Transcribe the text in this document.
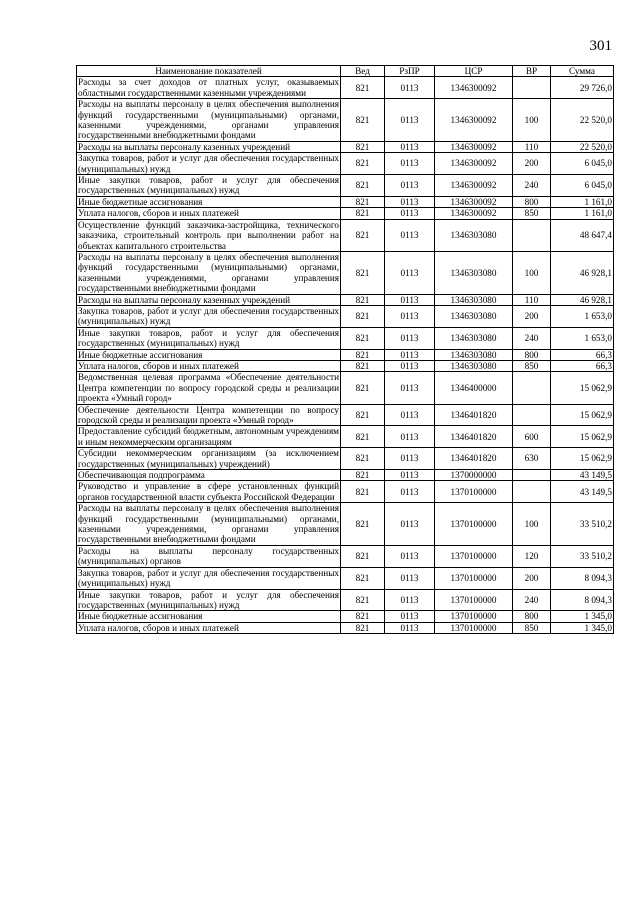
301
Наименование показателей	Вед	РзПР	ЦСР	ВР	Сумма
Расходы за счет доходов от платных услуг, оказываемых областными государственными казенными учреждениями	821	0113	1346300092		29 726,0
Расходы на выплаты персоналу в целях обеспечения выполнения функций государственными (муниципальными) органами, казенными учреждениями, органами управления государственными внебюджетными фондами	821	0113	1346300092	100	22 520,0
Расходы на выплаты персоналу казенных учреждений	821	0113	1346300092	110	22 520,0
Закупка товаров, работ и услуг для обеспечения государственных (муниципальных) нужд	821	0113	1346300092	200	6 045,0
Иные закупки товаров, работ и услуг для обеспечения государственных (муниципальных) нужд	821	0113	1346300092	240	6 045,0
Иные бюджетные ассигнования	821	0113	1346300092	800	1 161,0
Уплата налогов, сборов и иных платежей	821	0113	1346300092	850	1 161,0
Осуществление функций заказчика-застройщика, технического заказчика, строительный контроль при выполнении работ на объектах капитального строительства	821	0113	1346303080		48 647,4
Расходы на выплаты персоналу в целях обеспечения выполнения функций государственными (муниципальными) органами, казенными учреждениями, органами управления государственными внебюджетными фондами	821	0113	1346303080	100	46 928,1
Расходы на выплаты персоналу казенных учреждений	821	0113	1346303080	110	46 928,1
Закупка товаров, работ и услуг для обеспечения государственных (муниципальных) нужд	821	0113	1346303080	200	1 653,0
Иные закупки товаров, работ и услуг для обеспечения государственных (муниципальных) нужд	821	0113	1346303080	240	1 653,0
Иные бюджетные ассигнования	821	0113	1346303080	800	66,3
Уплата налогов, сборов и иных платежей	821	0113	1346303080	850	66,3
Ведомственная целевая программа «Обеспечение деятельности Центра компетенции по вопросу городской среды и реализации проекта «Умный город»	821	0113	1346400000		15 062,9
Обеспечение деятельности Центра компетенции по вопросу городской среды и реализации проекта «Умный город»	821	0113	1346401820		15 062,9
Предоставление субсидий бюджетным, автономным учреждениям и иным некоммерческим организациям	821	0113	1346401820	600	15 062,9
Субсидии некоммерческим организациям (за исключением государственных (муниципальных) учреждений)	821	0113	1346401820	630	15 062,9
Обеспечивающая подпрограмма	821	0113	1370000000		43 149,5
Руководство и управление в сфере установленных функций органов государственной власти субъекта Российской Федерации	821	0113	1370100000		43 149,5
Расходы на выплаты персоналу в целях обеспечения выполнения функций государственными (муниципальными) органами, казенными учреждениями, органами управления государственными внебюджетными фондами	821	0113	1370100000	100	33 510,2
Расходы на выплаты персоналу государственных (муниципальных) органов	821	0113	1370100000	120	33 510,2
Закупка товаров, работ и услуг для обеспечения государственных (муниципальных) нужд	821	0113	1370100000	200	8 094,3
Иные закупки товаров, работ и услуг для обеспечения государственных (муниципальных) нужд	821	0113	1370100000	240	8 094,3
Иные бюджетные ассигнования	821	0113	1370100000	800	1 345,0
Уплата налогов, сборов и иных платежей	821	0113	1370100000	850	1 345,0
